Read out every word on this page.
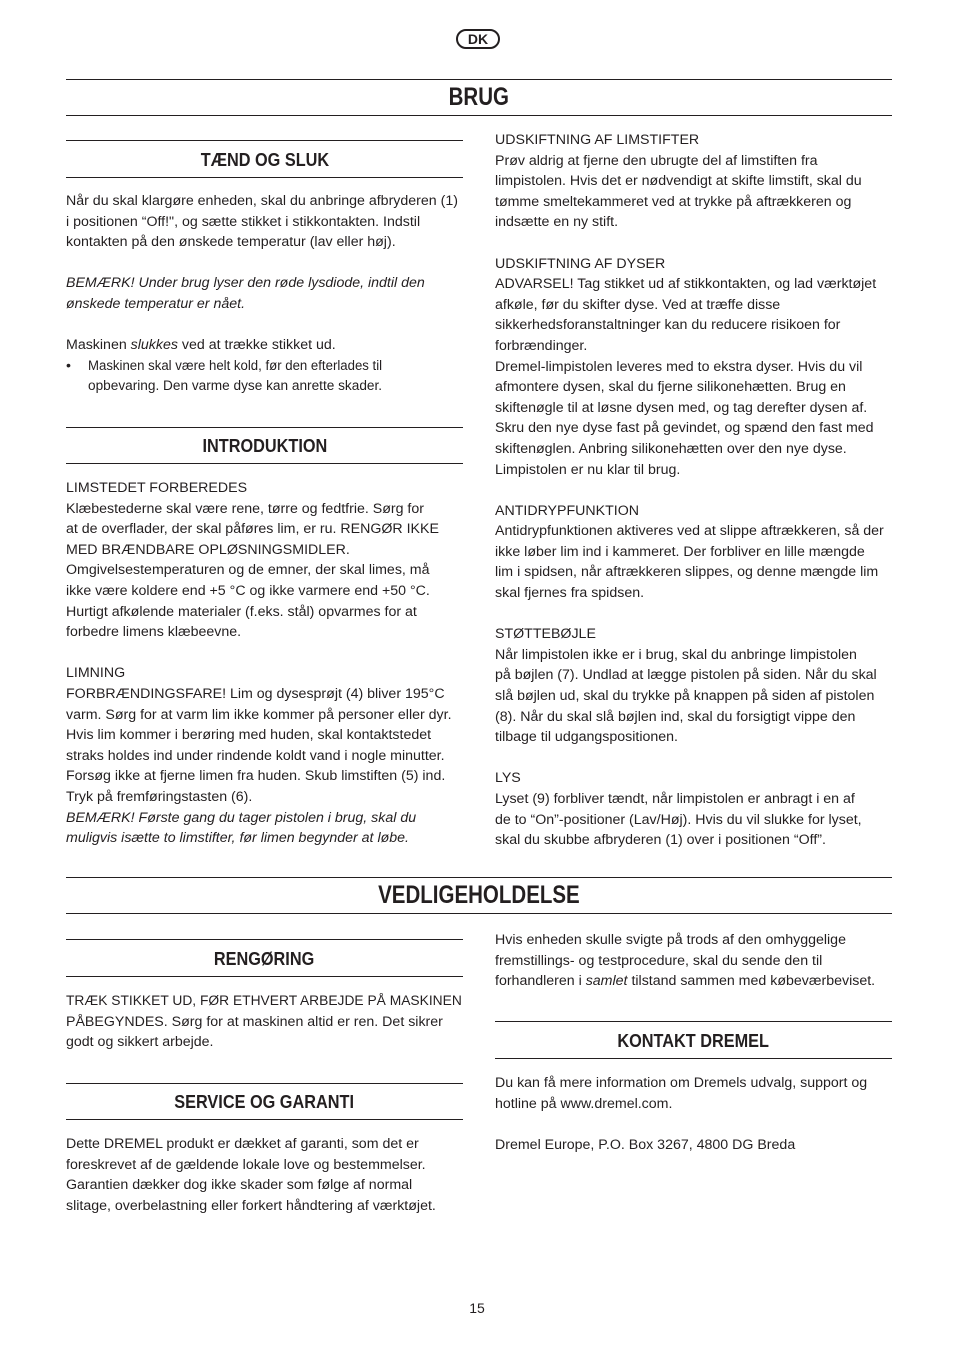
DK
BRUG
TÆND OG SLUK

Når du skal klargøre enheden, skal du anbringe afbryderen (1)

i positionen “Off!", og sætte stikket i stikkontakten. Indstil

kontakten på den ønskede temperatur (lav eller høj).

BEMÆRK! Under brug lyser den røde lysdiode, indtil den

ønskede temperatur er nået.

Maskinen slukkes ved at trække stikket ud.

•	Maskinen skal være helt kold, før den efterlades til

opbevaring. Den varme dyse kan anrette skader.

INTRODUKTION

LIMSTEDET FORBEREDES

Klæbestederne skal være rene, tørre og fedtfrie. Sørg for

at de overflader, der skal påføres lim, er ru. RENGØR IKKE

MED BRÆNDBARE OPLØSNINGSMIDLER.

Omgivelsestemperaturen og de emner, der skal limes, må

ikke være koldere end +5 °C og ikke varmere end +50 °C.

Hurtigt afkølende materialer (f.eks. stål) opvarmes for at

forbedre limens klæbeevne.

LIMNING

FORBRÆNDINGSFARE! Lim og dysesprøjt (4) bliver 195°C

varm. Sørg for at varm lim ikke kommer på personer eller dyr.

Hvis lim kommer i berøring med huden, skal kontaktstedet

straks holdes ind under rindende koldt vand i nogle minutter.

Forsøg ikke at fjerne limen fra huden. Skub limstiften (5) ind.

Tryk på fremføringstasten (6).

BEMÆRK! Første gang du tager pistolen i brug, skal du

muligvis isætte to limstifter, før limen begynder at løbe.

UDSKIFTNING AF LIMSTIFTER

Prøv aldrig at fjerne den ubrugte del af limstiften fra

limpistolen. Hvis det er nødvendigt at skifte limstift, skal du

tømme smeltekammeret ved at trykke på aftrækkeren og

indsætte en ny stift.

UDSKIFTNING AF DYSER

ADVARSEL! Tag stikket ud af stikkontakten, og lad værktøjet

afkøle, før du skifter dyse. Ved at træffe disse

sikkerhedsforanstaltninger kan du reducere risikoen for

forbrændinger.

Dremel-limpistolen leveres med to ekstra dyser. Hvis du vil

afmontere dysen, skal du fjerne silikonehætten. Brug en

skiftenøgle til at løsne dysen med, og tag derefter dysen af.

Skru den nye dyse fast på gevindet, og spænd den fast med

skiftenøglen. Anbring silikonehætten over den nye dyse.

Limpistolen er nu klar til brug.

ANTIDRYPFUNKTION

Antidrypfunktionen aktiveres ved at slippe aftrækkeren, så der

ikke løber lim ind i kammeret. Der forbliver en lille mængde

lim i spidsen, når aftrækkeren slippes, og denne mængde lim

skal fjernes fra spidsen.

STØTTEBØJLE

Når limpistolen ikke er i brug, skal du anbringe limpistolen

på bøjlen (7). Undlad at lægge pistolen på siden. Når du skal

slå bøjlen ud, skal du trykke på knappen på siden af pistolen

(8). Når du skal slå bøjlen ind, skal du forsigtigt vippe den

tilbage til udgangspositionen.

LYS

Lyset (9) forbliver tændt, når limpistolen er anbragt i en af

de to “On”-positioner (Lav/Høj). Hvis du vil slukke for lyset,

skal du skubbe afbryderen (1) over i positionen “Off”.

VEDLIGEHOLDELSE
RENGØRING

TRÆK STIKKET UD, FØR ETHVERT ARBEJDE PÅ MASKINEN

PÅBEGYNDES. Sørg for at maskinen altid er ren. Det sikrer

godt og sikkert arbejde.

SERVICE OG GARANTI

Dette DREMEL produkt er dækket af garanti, som det er

foreskrevet af de gældende lokale love og bestemmelser.

Garantien dækker dog ikke skader som følge af normal

slitage, overbelastning eller forkert håndtering af værktøjet.

Hvis enheden skulle svigte på trods af den omhyggelige

fremstillings- og testprocedure, skal du sende den til

forhandleren i samlet tilstand sammen med købeværbeviset.

KONTAKT DREMEL

Du kan få mere information om Dremels udvalg, support og

hotline på www.dremel.com.

Dremel Europe, P.O. Box 3267, 4800 DG Breda

15
